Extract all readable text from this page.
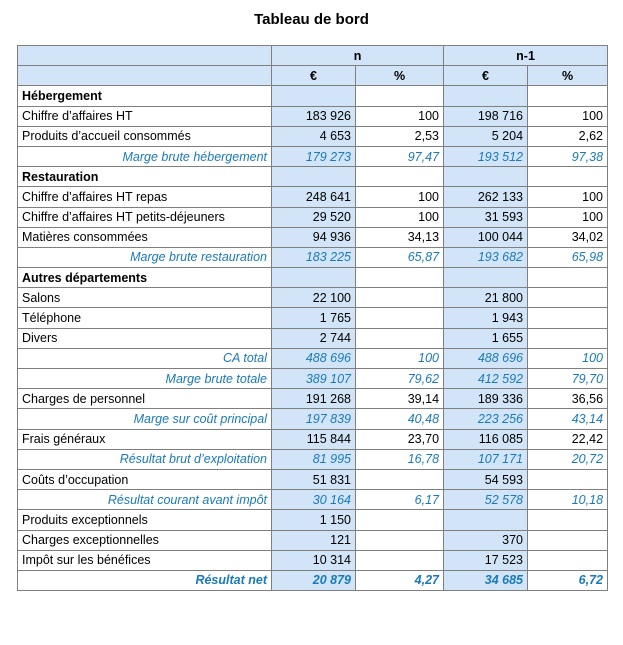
Tableau de bord
	n		n-1	
	€	%	€	%
Hébergement				
Chiffre d’affaires HT	183 926	100	198 716	100
Produits d’accueil consommés	4 653	2,53	5 204	2,62
Marge brute hébergement	179 273	97,47	193 512	97,38
Restauration				
Chiffre d’affaires HT repas	248 641	100	262 133	100
Chiffre d’affaires HT petits-déjeuners	29 520	100	31 593	100
Matières consommées	94 936	34,13	100 044	34,02
Marge brute restauration	183 225	65,87	193 682	65,98
Autres départements				
Salons	22 100		21 800	
Téléphone	1 765		1 943	
Divers	2 744		1 655	
CA total	488 696	100	488 696	100
Marge brute totale	389 107	79,62	412 592	79,70
Charges de personnel	191 268	39,14	189 336	36,56
Marge sur coût principal	197 839	40,48	223 256	43,14
Frais généraux	115 844	23,70	116 085	22,42
Résultat brut d’exploitation	81 995	16,78	107 171	20,72
Coûts d’occupation	51 831		54 593	
Résultat courant avant impôt	30 164	6,17	52 578	10,18
Produits exceptionnels	1 150			
Charges exceptionnelles	121		370	
Impôt sur les bénéfices	10 314		17 523	
Résultat net	20 879	4,27	34 685	6,72
